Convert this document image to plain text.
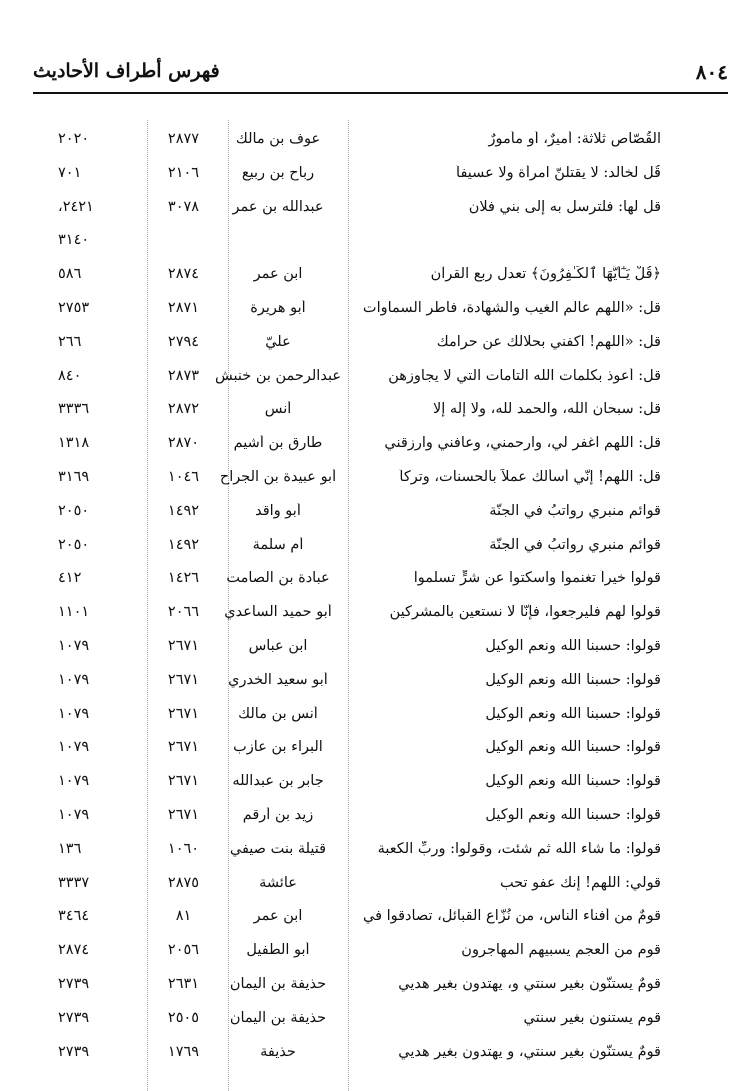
٨٠٤
فهرس أطراف الأحاديث
القُصّاص ثلاثة: أميرٌ، أو مأمورٌ
عوف بن مالك
٢٨٧٧
٢٠٢٠
قُل لخالد: لا يقتلنّ امرأة ولا عسيفاً
رباح بن ربيع
٢١٠٦
٧٠١
قل لها: فلترسل به إلى بني فلان
عبدالله بن عمر
٣٠٧٨
٢٤٢١،
٣١٤٠
﴿قُلْ يَـٰٓأَيُّهَا ٱلْكَـٰفِرُونَ﴾ تعدل ربع القرآن
ابن عمر
٢٨٧٤
٥٨٦
قل: «اللهم عالم الغيب والشهادة، فاطر السماوات
أبو هريرة
٢٨٧١
٢٧٥٣
قل: «اللهم! اكفني بحلالك عن حرامك
عليّ
٢٧٩٤
٢٦٦
قل: أعوذ بكلمات الله التامات التي لا يجاوزهن
عبدالرحمن بن خنبش
٢٨٧٣
٨٤٠
قل: سبحان الله، والحمد لله، ولا إله إلا
أنس
٢٨٧٢
٣٣٣٦
قل: اللهم اغفر لي، وارحمني، وعافني وارزقني
طارق بن أشيم
٢٨٧٠
١٣١٨
قل: اللهم! إنّي أسألك عملاً بالحسنات، وتركاً
أبو عبيدة بن الجراح
١٠٤٦
٣١٦٩
قوائم منبري رواتبُ في الجنّة
أبو واقد
١٤٩٢
٢٠٥٠
قوائم منبري رواتبُ في الجنّة
أم سلمة
١٤٩٢
٢٠٥٠
قولوا خيراً تغنموا واسكتوا عن شرٍّ تسلموا
عبادة بن الصامت
١٤٢٦
٤١٢
قولوا لهم فليرجعوا، فإنّا لا نستعين بالمشركين
أبو حميد الساعدي
٢٠٦٦
١١٠١
قولوا: حسبنا الله ونعم الوكيل
ابن عباس
٢٦٧١
١٠٧٩
قولوا: حسبنا الله ونعم الوكيل
أبو سعيد الخدري
٢٦٧١
١٠٧٩
قولوا: حسبنا الله ونعم الوكيل
أنس بن مالك
٢٦٧١
١٠٧٩
قولوا: حسبنا الله ونعم الوكيل
البراء بن عازب
٢٦٧١
١٠٧٩
قولوا: حسبنا الله ونعم الوكيل
جابر بن عبدالله
٢٦٧١
١٠٧٩
قولوا: حسبنا الله ونعم الوكيل
زيد بن أرقم
٢٦٧١
١٠٧٩
قولوا: ما شاء الله ثم شئت، وقولوا: وربِّ الكعبة
قتيلة بنت صيفي
١٠٦٠
١٣٦
قولي: اللهم! إنك عفو تحب
عائشة
٢٨٧٥
٣٣٣٧
قومٌ من أفناء الناس، من نُزّاع القبائل، تصادقوا في
ابن عمر
٨١
٣٤٦٤
قوم من العجم يسبيهم المهاجرون
أبو الطفيل
٢٠٥٦
٢٨٧٤
قومٌ يستنّون بغير سنتي و، يهتدون بغير هديي
حذيفة بن اليمان
٢٦٣١
٢٧٣٩
قوم يستنون بغير سنتي
حذيفة بن اليمان
٢٥٠٥
٢٧٣٩
قومٌ يستنّون بغير سنتي، و يهتدون بغير هديي
حذيفة
١٧٦٩
٢٧٣٩
